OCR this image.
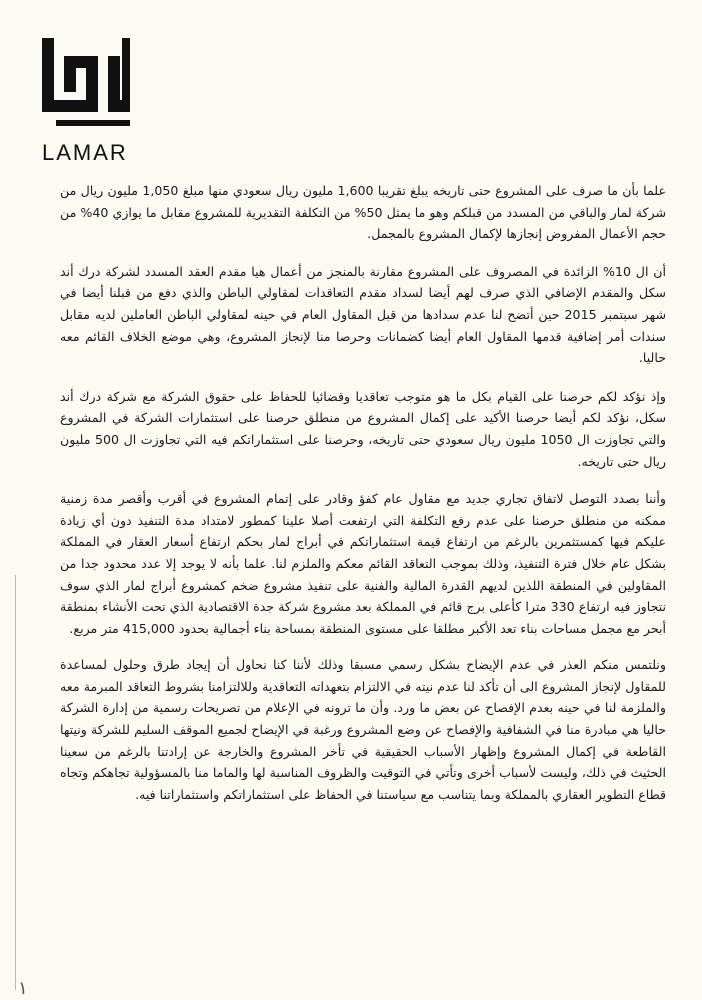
LAMAR

علما بأن ما صرف على المشروع حتى تاريخه يبلغ تقريبا 1,600 مليون ريال سعودي منها مبلغ 1,050 مليون ريال من شركة لمار والباقي من المسدد من قبلكم وهو ما يمثل 50% من التكلفة التقديرية للمشروع مقابل ما يوازي 40% من حجم الأعمال المفروض إنجازها لإكمال المشروع بالمجمل.

أن ال 10% الزائدة في المصروف على المشروع مقارنة بالمنجز من أعمال هيا مقدم العقد المسدد لشركة درك أند سكل والمقدم الإضافي الذي صرف لهم أيضا لسداد مقدم التعاقدات لمقاولي الباطن والذي دفع من قبلنا أيضا في شهر سبتمبر 2015 حين أتضح لنا عدم سدادها من قبل المقاول العام في حينه لمقاولي الباطن العاملين لديه مقابل سندات أمر إضافية قدمها المقاول العام أيضا كضمانات وحرصا منا لإنجاز المشروع، وهي موضع الخلاف القائم معه حاليا.

وإذ نؤكد لكم حرصنا على القيام بكل ما هو متوجب تعاقديا وقضائيا للحفاظ على حقوق الشركة مع شركة درك أند سكل، نؤكد لكم أيضا حرصنا الأكيد على إكمال المشروع من منطلق حرصنا على استثمارات الشركة في المشروع والتي تجاوزت ال 1050 مليون ريال سعودي حتى تاريخه، وحرصنا على استثماراتكم فيه التي تجاوزت ال 500 مليون ريال حتى تاريخه.

وأننا بصدد التوصل لاتفاق تجاري جديد مع مقاول عام كفؤ وقادر على إتمام المشروع في أقرب وأقصر مدة زمنية ممكنه من منطلق حرصنا على عدم رفع التكلفة التي ارتفعت أصلا علينا كمطور لامتداد مدة التنفيذ دون أي زيادة عليكم فيها كمستثمرين بالرغم من ارتفاع قيمة استثماراتكم في أبراج لمار بحكم ارتفاع أسعار العقار في المملكة بشكل عام خلال فترة التنفيذ، وذلك بموجب التعاقد القائم معكم والملزم لنا. علما بأنه لا يوجد إلا عدد محدود جدا من المقاولين في المنطقة اللذين لديهم القدرة المالية والفنية على تنفيذ مشروع ضخم كمشروع أبراج لمار الذي سوف نتجاوز فيه ارتفاع 330 مترا كأعلى برج قائم في المملكة بعد مشروع شركة جدة الاقتصادية الذي تحت الأنشاء بمنطقة أبحر مع مجمل مساحات بناء تعد الأكبر مطلقا على مستوى المنطقة بمساحة بناء أجمالية بحدود 415,000 متر مربع.

ونلتمس منكم العذر في عدم الإيضاح بشكل رسمي مسبقا وذلك لأننا كنا نحاول أن إيجاد طرق وحلول لمساعدة للمقاول لإنجاز المشروع الى أن تأكد لنا عدم نيته في الالتزام بتعهداته التعاقدية وللالتزامنا بشروط التعاقد المبرمة معه والملزمة لنا في حينه بعدم الإفصاح عن بعض ما ورد. وأن ما ترونه في الإعلام من تصريحات رسمية من إدارة الشركة حاليا هي مبادرة منا في الشفافية والإفصاح عن وضع المشروع ورغبة في الإيضاح لجميع الموقف السليم للشركة ونيتها القاطعة في إكمال المشروع وإظهار الأسباب الحقيقية في تأخر المشروع والخارجة عن إرادتنا بالرغم من سعينا الحثيث في ذلك، وليست لأسباب أخرى وتأتي في التوقيت والظروف المناسبة لها والماما منا بالمسؤولية تجاهكم وتجاه قطاع التطوير العقاري بالمملكة وبما يتناسب مع سياستنا في الحفاظ على استثماراتكم واستثماراتنا فيه.

١
